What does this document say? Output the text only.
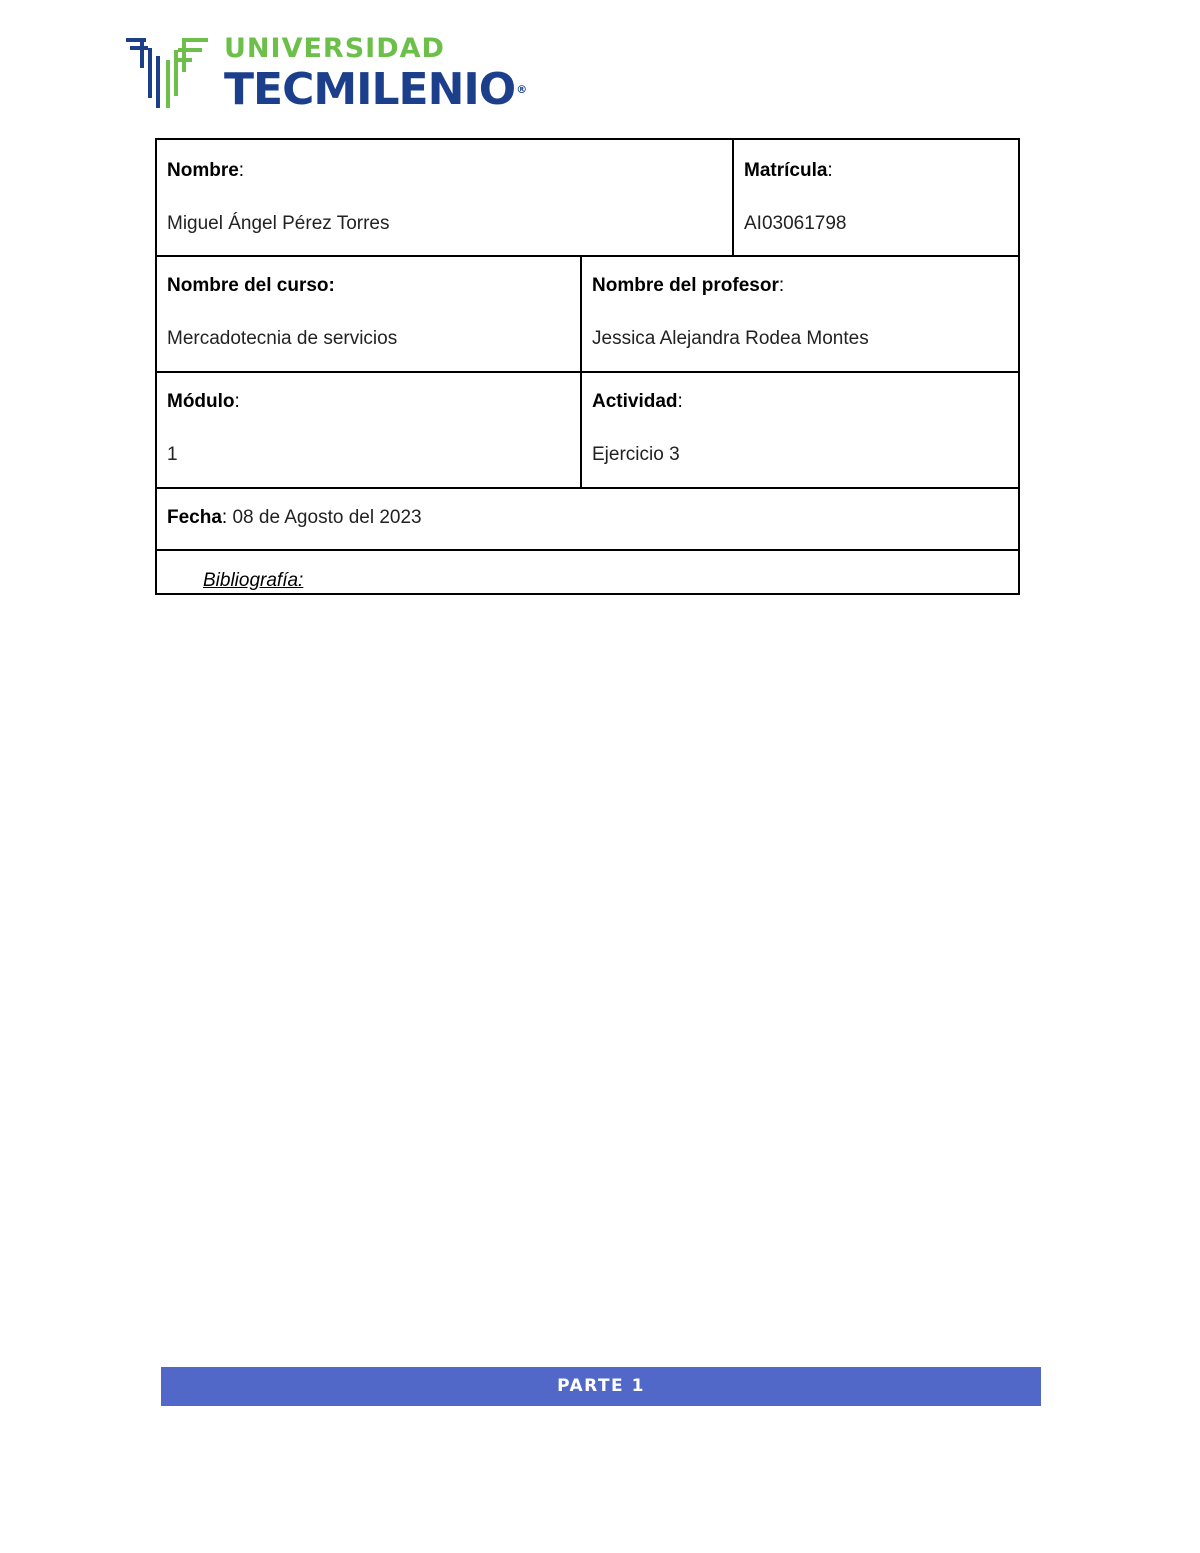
UNIVERSIDAD
TECMILENIO®
Nombre:
Miguel Ángel Pérez Torres
Matrícula:
AI03061798
Nombre del curso:
Mercadotecnia de servicios
Nombre del profesor:
Jessica Alejandra Rodea Montes
Módulo:
1
Actividad:
Ejercicio 3
Fecha: 08 de Agosto del 2023
Bibliografía:
PARTE 1
